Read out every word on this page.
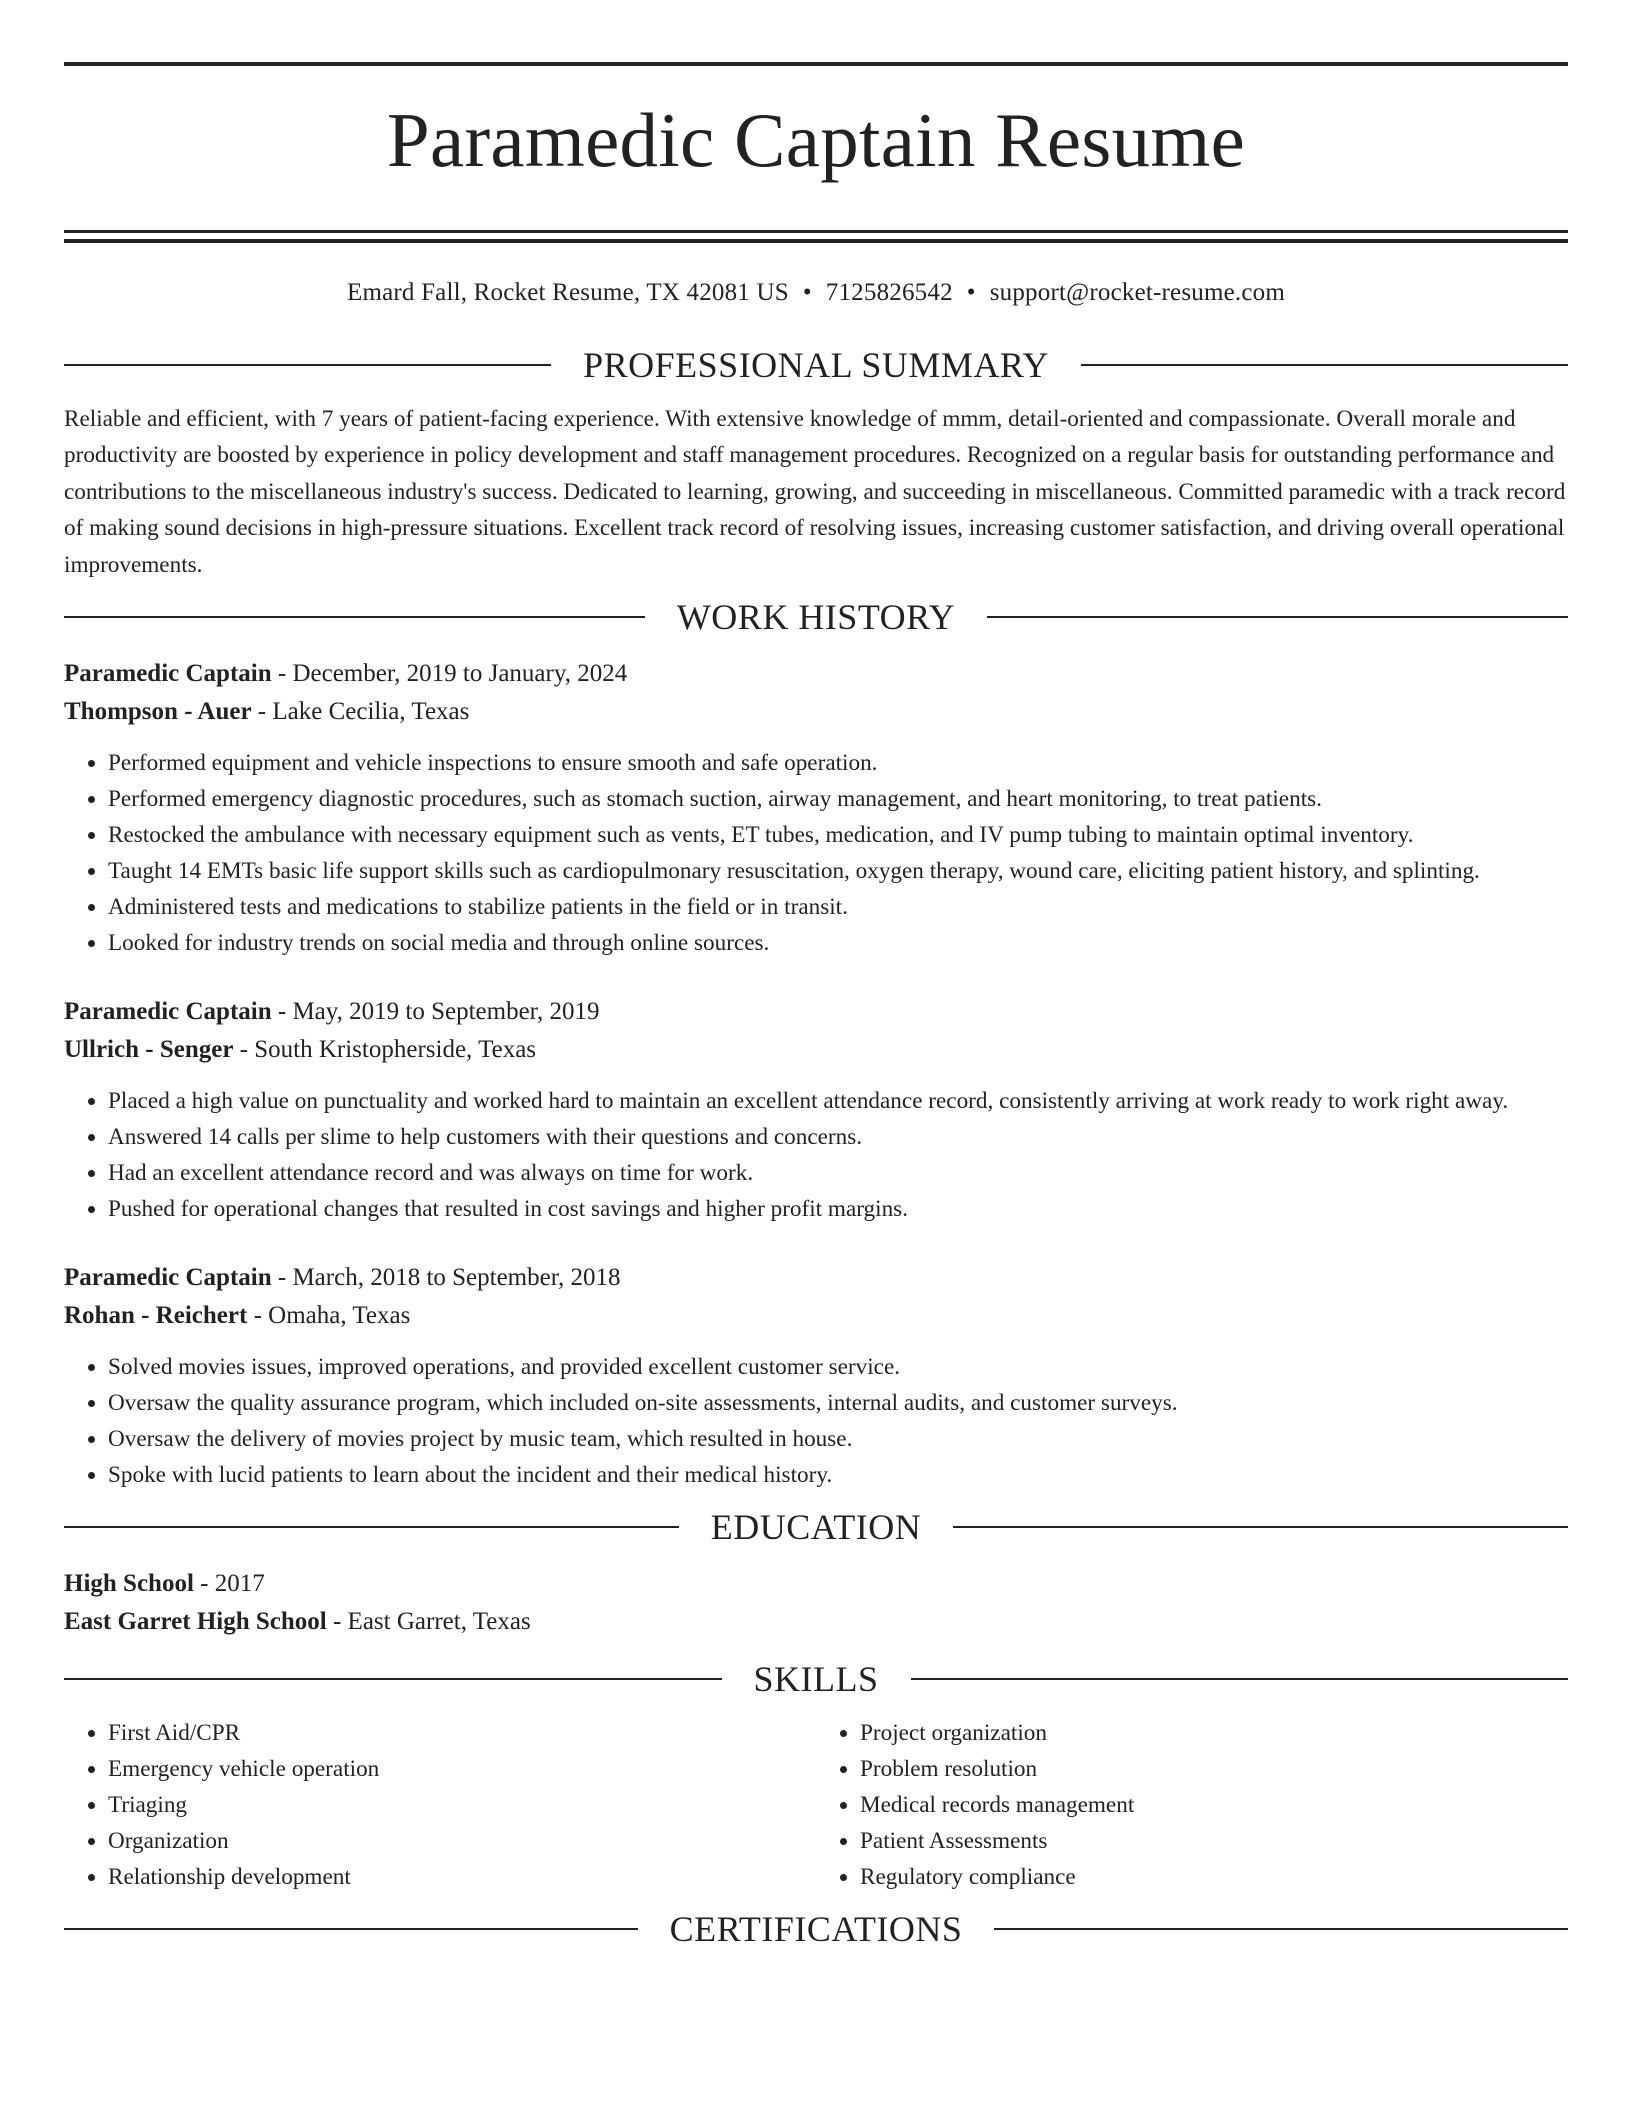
Paramedic Captain Resume
Emard Fall, Rocket Resume, TX 42081 US • 7125826542 • support@rocket-resume.com
PROFESSIONAL SUMMARY

Reliable and efficient, with 7 years of patient-facing experience. With extensive knowledge of mmm, detail-oriented and compassionate. Overall morale and productivity are boosted by experience in policy development and staff management procedures. Recognized on a regular basis for outstanding performance and contributions to the miscellaneous industry's success. Dedicated to learning, growing, and succeeding in miscellaneous. Committed paramedic with a track record of making sound decisions in high-pressure situations. Excellent track record of resolving issues, increasing customer satisfaction, and driving overall operational improvements.

WORK HISTORY

Paramedic Captain - December, 2019 to January, 2024

Thompson - Auer - Lake Cecilia, Texas

• Performed equipment and vehicle inspections to ensure smooth and safe operation.
• Performed emergency diagnostic procedures, such as stomach suction, airway management, and heart monitoring, to treat patients.
• Restocked the ambulance with necessary equipment such as vents, ET tubes, medication, and IV pump tubing to maintain optimal inventory.
• Taught 14 EMTs basic life support skills such as cardiopulmonary resuscitation, oxygen therapy, wound care, eliciting patient history, and splinting.
• Administered tests and medications to stabilize patients in the field or in transit.
• Looked for industry trends on social media and through online sources.

Paramedic Captain - May, 2019 to September, 2019

Ullrich - Senger - South Kristopherside, Texas

• Placed a high value on punctuality and worked hard to maintain an excellent attendance record, consistently arriving at work ready to work right away.
• Answered 14 calls per slime to help customers with their questions and concerns.
• Had an excellent attendance record and was always on time for work.
• Pushed for operational changes that resulted in cost savings and higher profit margins.

Paramedic Captain - March, 2018 to September, 2018

Rohan - Reichert - Omaha, Texas

• Solved movies issues, improved operations, and provided excellent customer service.
• Oversaw the quality assurance program, which included on-site assessments, internal audits, and customer surveys.
• Oversaw the delivery of movies project by music team, which resulted in house.
• Spoke with lucid patients to learn about the incident and their medical history.
EDUCATION

High School - 2017

East Garret High School - East Garret, Texas

SKILLS
• First Aid/CPR
• Emergency vehicle operation
• Triaging
• Organization
• Relationship development
• Project organization
• Problem resolution
• Medical records management
• Patient Assessments
• Regulatory compliance
CERTIFICATIONS
